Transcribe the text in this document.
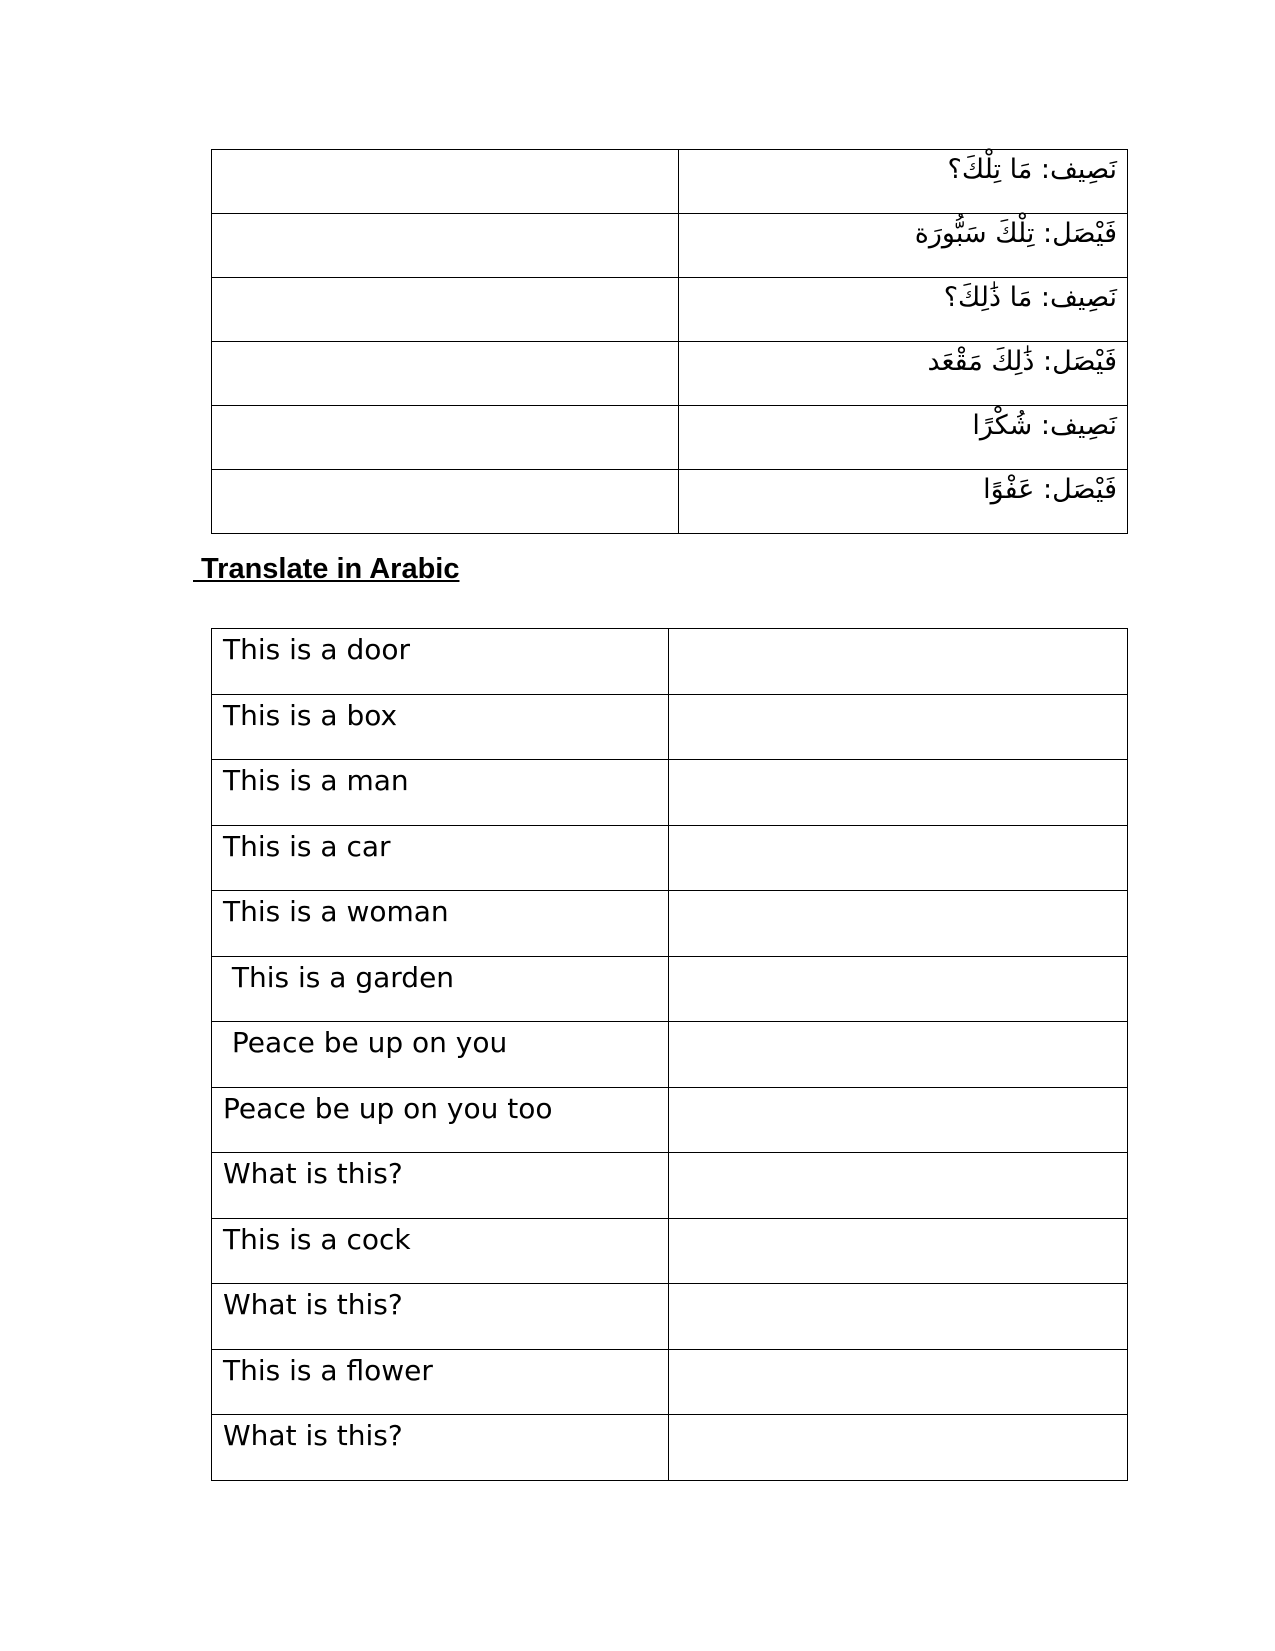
	نَصِيف: مَا تِلْكَ؟
	فَيْصَل: تِلْكَ سَبُّورَة
	نَصِيف: مَا ذَٰلِكَ؟
	فَيْصَل: ذَٰلِكَ مَقْعَد
	نَصِيف: شُكْرًا
	فَيْصَل: عَفْوًا
Translate in Arabic
This is a door	
This is a box	
This is a man	
This is a car	
This is a woman	
This is a garden	
Peace be up on you	
Peace be up on you too	
What is this?	
This is a cock	
What is this?	
This is a flower	
What is this?	
